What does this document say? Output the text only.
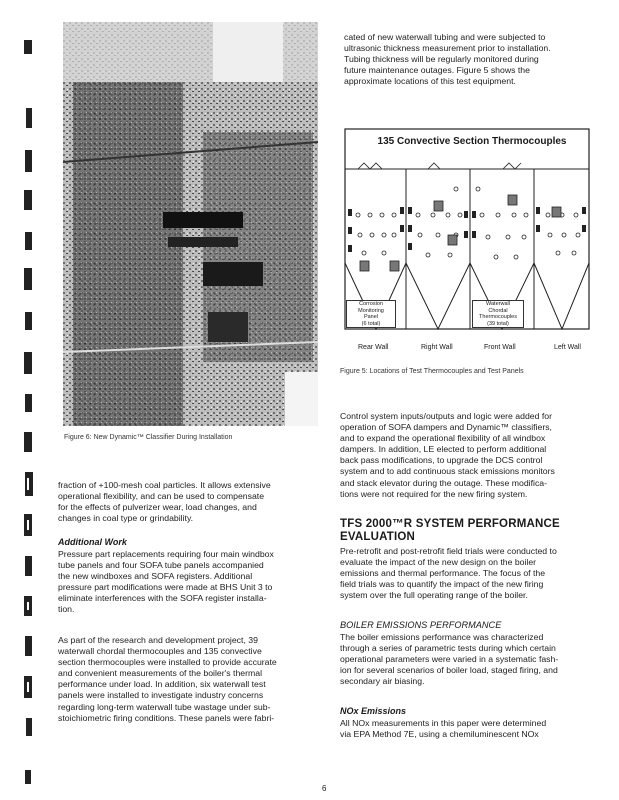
Figure 6: New Dynamic™ Classifier During Installation
cated of new waterwall tubing and were subjected to
ultrasonic thickness measurement prior to installation.
Tubing thickness will be regularly monitored during
future maintenance outages. Figure 5 shows the
approximate locations of this test equipment.
135 Convective Section Thermocouples
Corrosion
Monitoring
Panel
(6 total)
Waterwall
Chordal
Thermocouples
(39 total)
Rear Wall	Right Wall	Front Wall	Left Wall
Figure 5: Locations of Test Thermocouples and Test Panels
fraction of +100-mesh coal particles. It allows extensive
operational flexibility, and can be used to compensate
for the effects of pulverizer wear, load changes, and
changes in coal type or grindability.
Additional Work
Pressure part replacements requiring four main windbox
tube panels and four SOFA tube panels accompanied
the new windboxes and SOFA registers. Additional
pressure part modifications were made at BHS Unit 3 to
eliminate interferences with the SOFA register installa-
tion.
As part of the research and development project, 39
waterwall chordal thermocouples and 135 convective
section thermocouples were installed to provide accurate
and convenient measurements of the boiler's thermal
performance under load. In addition, six waterwall test
panels were installed to investigate industry concerns
regarding long-term waterwall tube wastage under sub-
stoichiometric firing conditions. These panels were fabri-
Control system inputs/outputs and logic were added for
operation of SOFA dampers and Dynamic™ classifiers,
and to expand the operational flexibility of all windbox
dampers. In addition, LE elected to perform additional
back pass modifications, to upgrade the DCS control
system and to add continuous stack emissions monitors
and stack elevator during the outage. These modifica-
tions were not required for the new firing system.
TFS 2000™R SYSTEM PERFORMANCE
EVALUATION
Pre-retrofit and post-retrofit field trials were conducted to
evaluate the impact of the new design on the boiler
emissions and thermal performance. The focus of the
field trials was to quantify the impact of the new firing
system over the full operating range of the boiler.
BOILER EMISSIONS PERFORMANCE
The boiler emissions performance was characterized
through a series of parametric tests during which certain
operational parameters were varied in a systematic fash-
ion for several scenarios of boiler load, staged firing, and
secondary air biasing.
NOx Emissions
All NOx measurements in this paper were determined
via EPA Method 7E, using a chemiluminescent NOx
6
